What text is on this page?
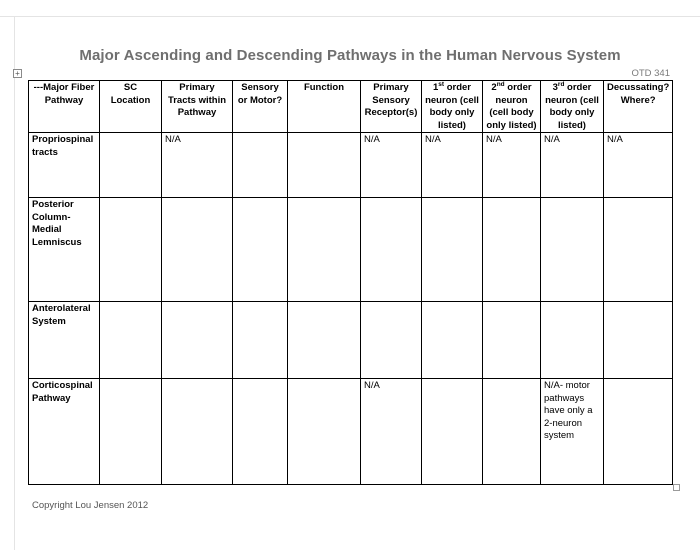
Major Ascending and Descending Pathways in the Human Nervous System
OTD 341
+
---Major Fiber Pathway	SC Location	Primary Tracts within Pathway	Sensory or Motor?	Function	Primary Sensory Receptor(s)	1st order neuron (cell body only listed)	2nd order neuron (cell body only listed)	3rd order neuron (cell body only listed)	Decussating? Where?
Propriospinal tracts		N/A			N/A	N/A	N/A	N/A	N/A
Posterior Column-Medial Lemniscus									
Anterolateral System									
Corticospinal Pathway					N/A			N/A- motor pathways have only a 2-neuron system	
Copyright Lou Jensen 2012
